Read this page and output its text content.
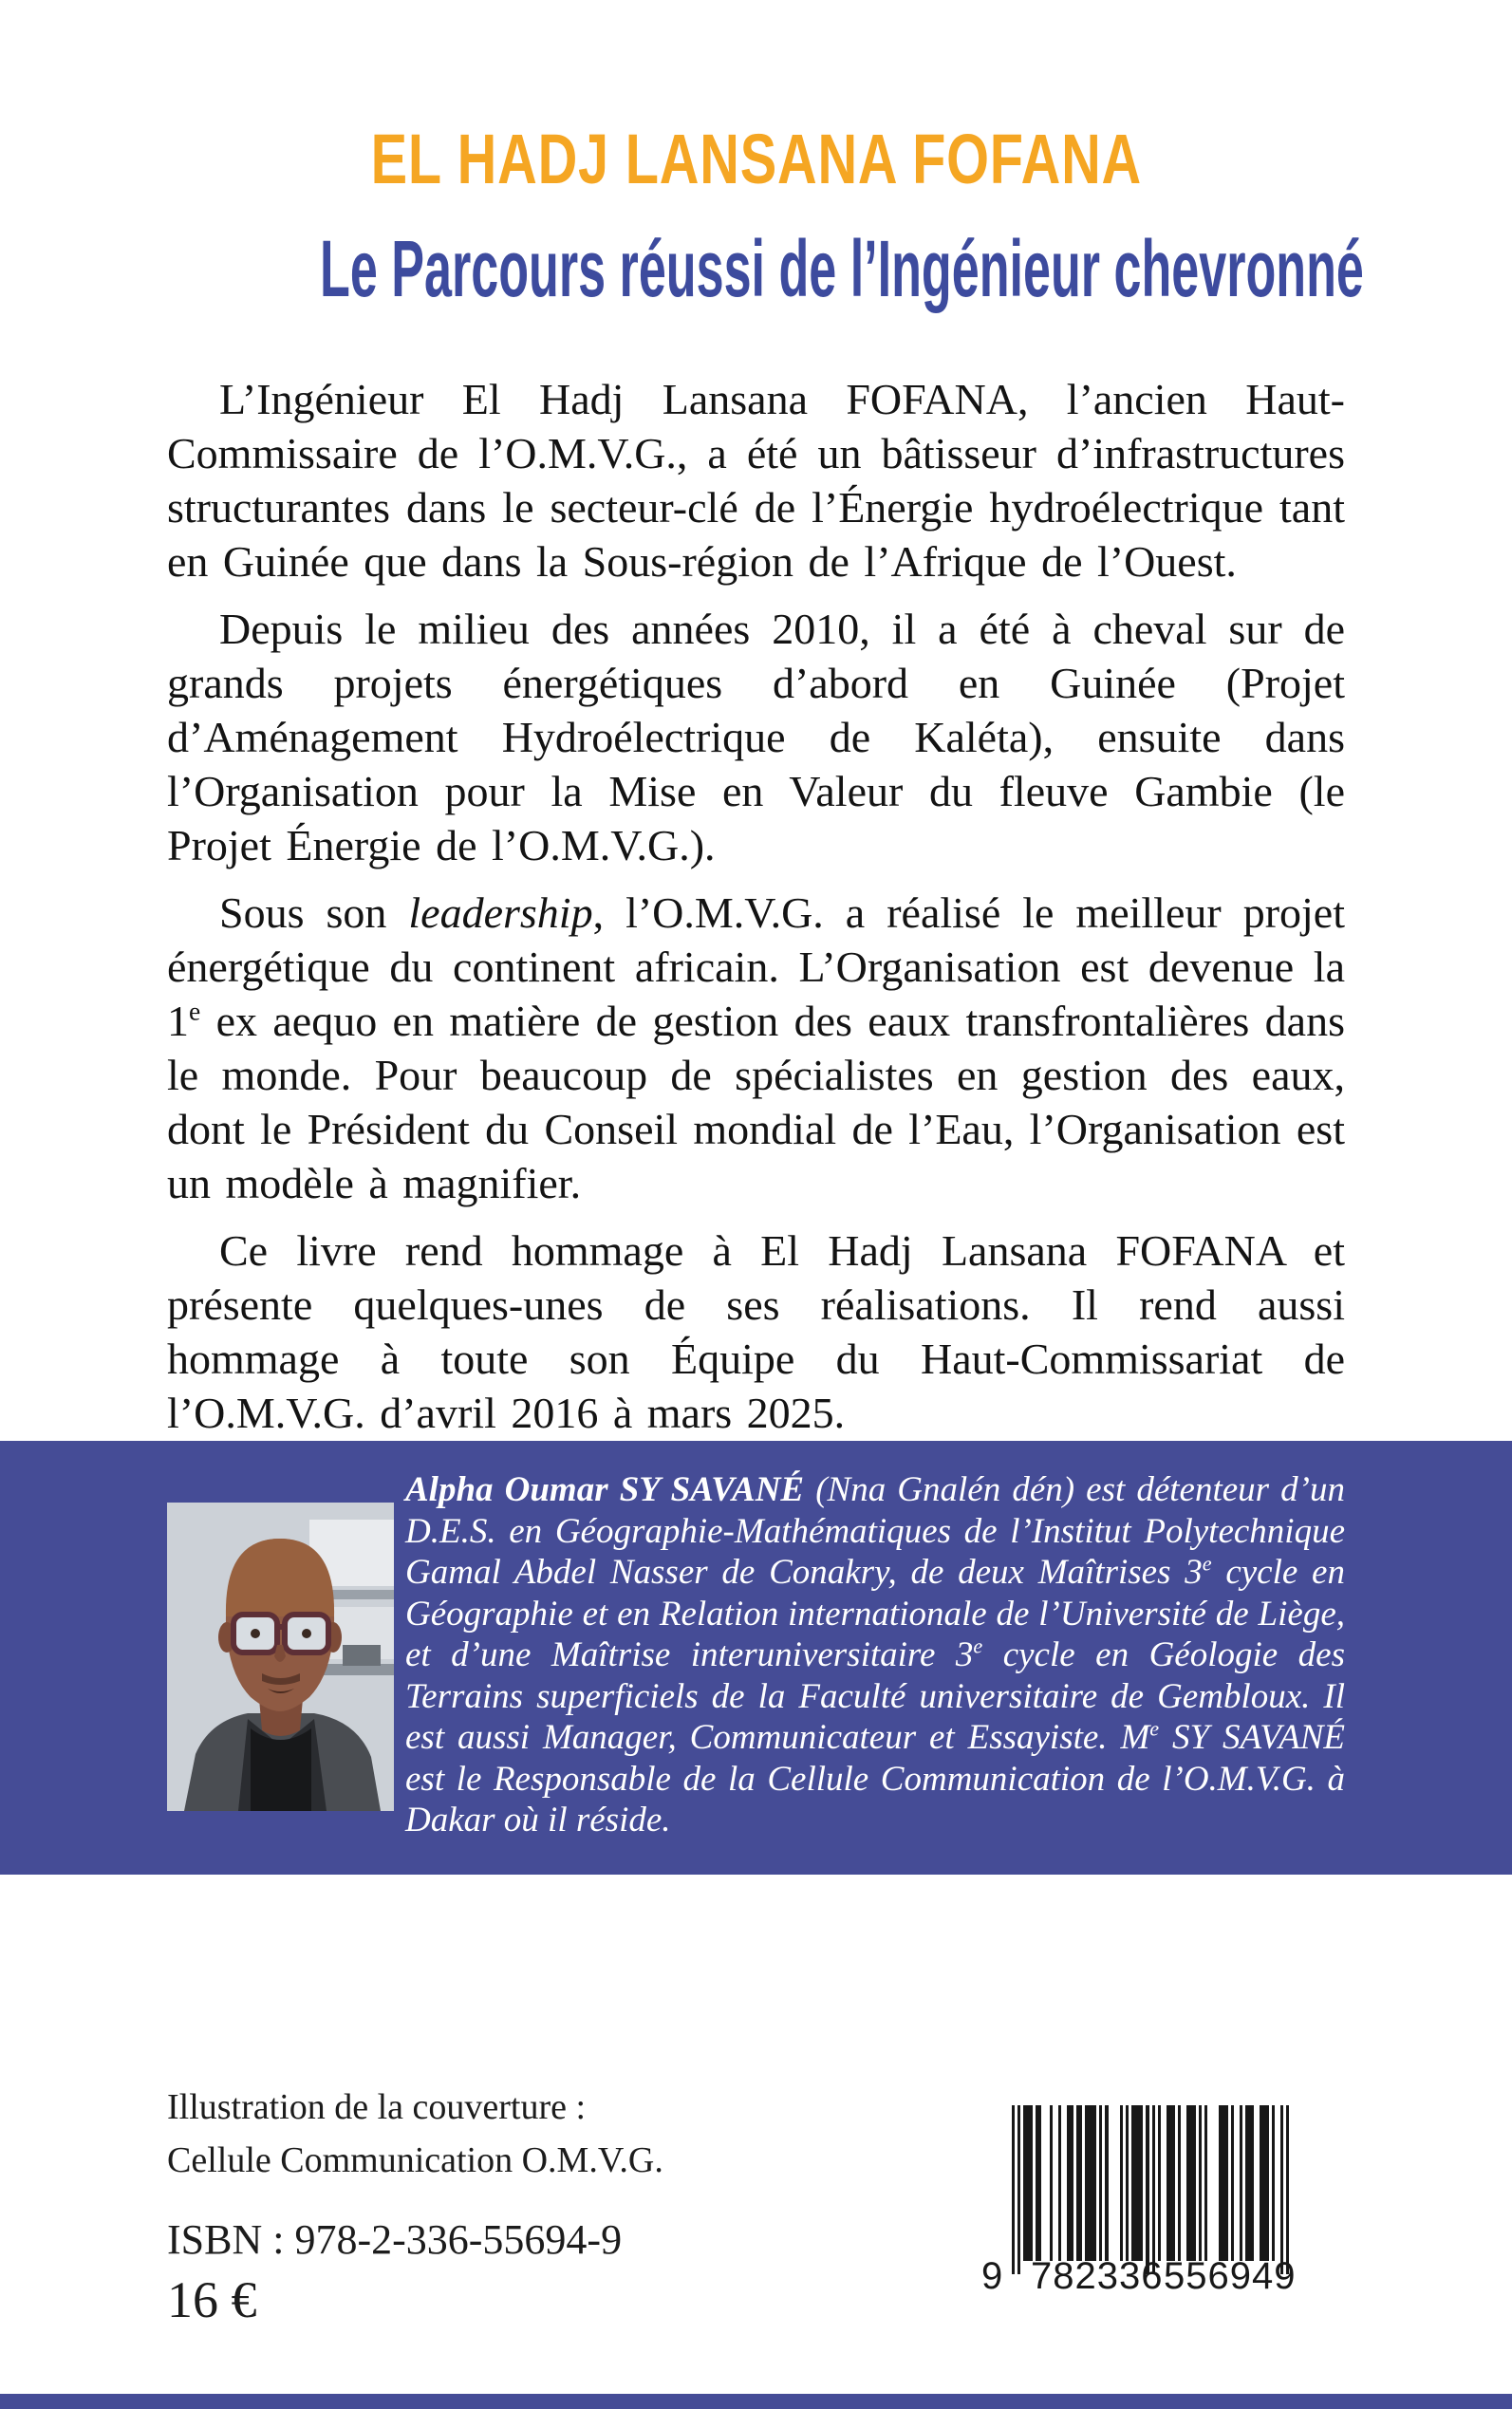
EL HADJ LANSANA FOFANA
Le Parcours réussi de l’Ingénieur chevronné

L’Ingénieur El Hadj Lansana FOFANA, l’ancien Haut-Commissaire de l’O.M.V.G., a été un bâtisseur d’infrastructures structurantes dans le secteur-clé de l’Énergie hydroélectrique tant en Guinée que dans la Sous-région de l’Afrique de l’Ouest.

Depuis le milieu des années 2010, il a été à cheval sur de grands projets énergétiques d’abord en Guinée (Projet d’Aménagement Hydroélectrique de Kaléta), ensuite dans l’Organisation pour la Mise en Valeur du fleuve Gambie (le Projet Énergie de l’O.M.V.G.).

Sous son leadership, l’O.M.V.G. a réalisé le meilleur projet énergétique du continent africain. L’Organisation est devenue la 1e ex aequo en matière de gestion des eaux transfrontalières dans le monde. Pour beaucoup de spécialistes en gestion des eaux, dont le Président du Conseil mondial de l’Eau, l’Organisation est un modèle à magnifier.

Ce livre rend hommage à El Hadj Lansana FOFANA et présente quelques-unes de ses réalisations. Il rend aussi hommage à toute son Équipe du Haut-Commissariat de l’O.M.V.G. d’avril 2016 à mars 2025.

Alpha Oumar SY SAVANÉ (Nna Gnalén dén) est détenteur d’un D.E.S. en Géographie-Mathématiques de l’Institut Polytechnique Gamal Abdel Nasser de Conakry, de deux Maîtrises 3e cycle en Géographie et en Relation internationale de l’Université de Liège, et d’une Maîtrise interuniversitaire 3e cycle en Géologie des Terrains superficiels de la Faculté universitaire de Gembloux. Il est aussi Manager, Communicateur et Essayiste. Me SY SAVANÉ est le Responsable de la Cellule Communication de l’O.M.V.G. à Dakar où il réside.

Illustration de la couverture :
Cellule Communication O.M.V.G.
ISBN : 978-2-336-55694-9
16 €	9 782336 556949
